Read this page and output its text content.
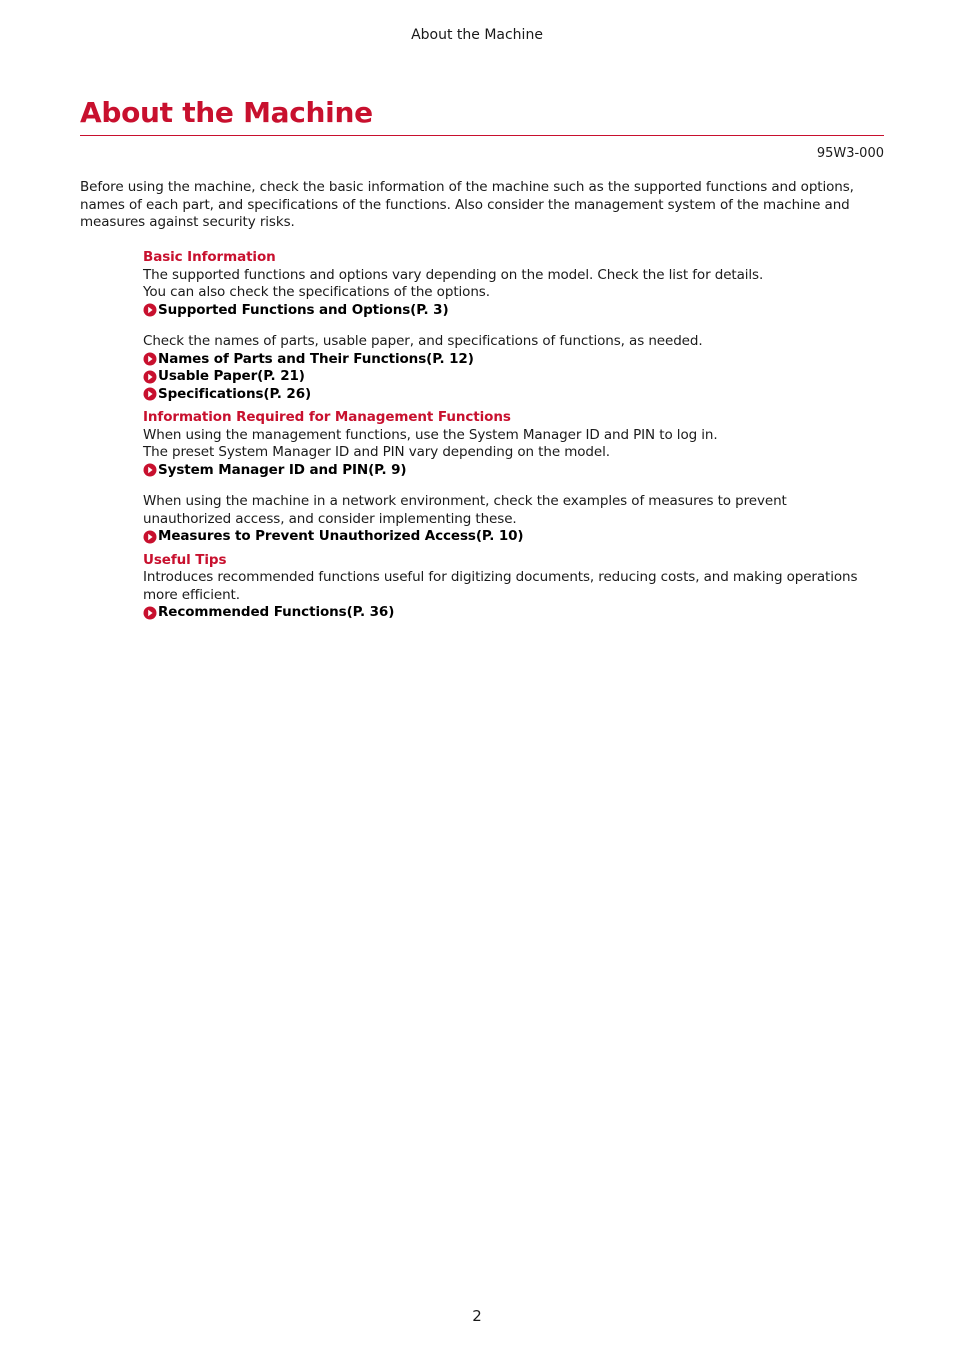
About the Machine
About the Machine
95W3-000

Before using the machine, check the basic information of the machine such as the supported functions and options, names of each part, and specifications of the functions. Also consider the management system of the machine and measures against security risks.

Basic Information

The supported functions and options vary depending on the model. Check the list for details.

You can also check the specifications of the options.

Supported Functions and Options(P. 3)

Check the names of parts, usable paper, and specifications of functions, as needed.

Names of Parts and Their Functions(P. 12)
Usable Paper(P. 21)
Specifications(P. 26)

Information Required for Management Functions

When using the management functions, use the System Manager ID and PIN to log in.

The preset System Manager ID and PIN vary depending on the model.

System Manager ID and PIN(P. 9)

When using the machine in a network environment, check the examples of measures to prevent unauthorized access, and consider implementing these.

Measures to Prevent Unauthorized Access(P. 10)

Useful Tips

Introduces recommended functions useful for digitizing documents, reducing costs, and making operations more efficient.

Recommended Functions(P. 36)
2
